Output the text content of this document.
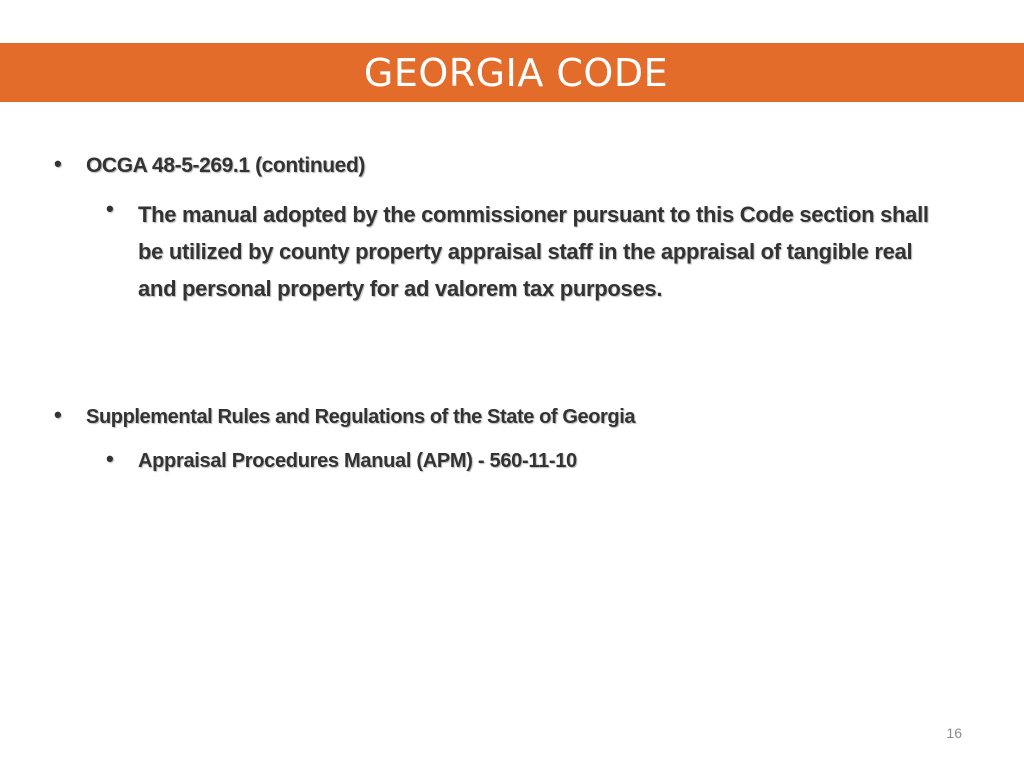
GEORGIA CODE
•	OCGA 48-5-269.1 (continued)
•	The manual adopted by the commissioner pursuant to this Code section shall be utilized by county property appraisal staff in the appraisal of tangible real and personal property for ad valorem tax purposes.
•	Supplemental Rules and Regulations of the State of Georgia
•	Appraisal Procedures Manual (APM) - 560-11-10
16
